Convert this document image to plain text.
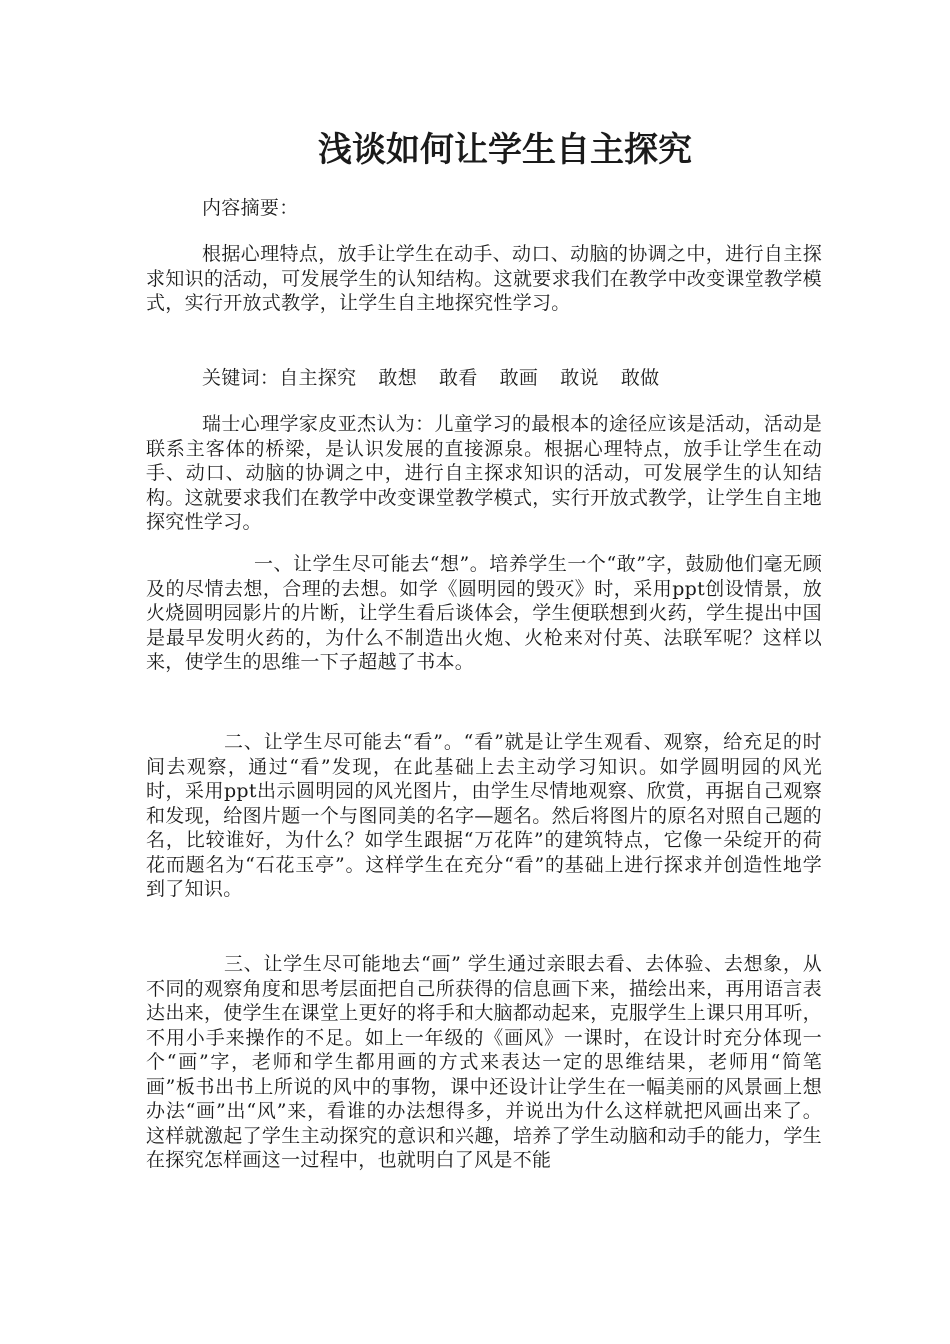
浅谈如何让学生自主探究

内容摘要：

根据心理特点，放手让学生在动手、动口、动脑的协调之中，进行自主探求知识的活动，可发展学生的认知结构。这就要求我们在教学中改变课堂教学模式，实行开放式教学，让学生自主地探究性学习。

关键词：自主探究 敢想 敢看 敢画 敢说 敢做

瑞士心理学家皮亚杰认为：儿童学习的最根本的途径应该是活动，活动是联系主客体的桥梁，是认识发展的直接源泉。根据心理特点，放手让学生在动手、动口、动脑的协调之中，进行自主探求知识的活动，可发展学生的认知结构。这就要求我们在教学中改变课堂教学模式，实行开放式教学，让学生自主地探究性学习。

一、让学生尽可能去“想”。培养学生一个“敢”字，鼓励他们毫无顾及的尽情去想，合理的去想。如学《圆明园的毁灭》时，采用ppt创设情景，放火烧圆明园影片的片断，让学生看后谈体会，学生便联想到火药，学生提出中国是最早发明火药的，为什么不制造出火炮、火枪来对付英、法联军呢？这样以来，使学生的思维一下子超越了书本。

二、让学生尽可能去“看”。“看”就是让学生观看、观察，给充足的时间去观察，通过“看”发现，在此基础上去主动学习知识。如学圆明园的风光时，采用ppt出示圆明园的风光图片，由学生尽情地观察、欣赏，再据自己观察和发现，给图片题一个与图同美的名字—题名。然后将图片的原名对照自己题的名，比较谁好，为什么？如学生跟据“万花阵”的建筑特点，它像一朵绽开的荷花而题名为“石花玉亭”。这样学生在充分“看”的基础上进行探求并创造性地学到了知识。

三、让学生尽可能地去“画” 学生通过亲眼去看、去体验、去想象，从不同的观察角度和思考层面把自己所获得的信息画下来，描绘出来，再用语言表达出来，使学生在课堂上更好的将手和大脑都动起来，克服学生上课只用耳听，不用小手来操作的不足。如上一年级的《画风》一课时，在设计时充分体现一个“画”字，老师和学生都用画的方式来表达一定的思维结果，老师用“简笔画”板书出书上所说的风中的事物，课中还设计让学生在一幅美丽的风景画上想办法“画”出“风”来，看谁的办法想得多，并说出为什么这样就把风画出来了。这样就激起了学生主动探究的意识和兴趣，培养了学生动脑和动手的能力，学生在探究怎样画这一过程中，也就明白了风是不能
